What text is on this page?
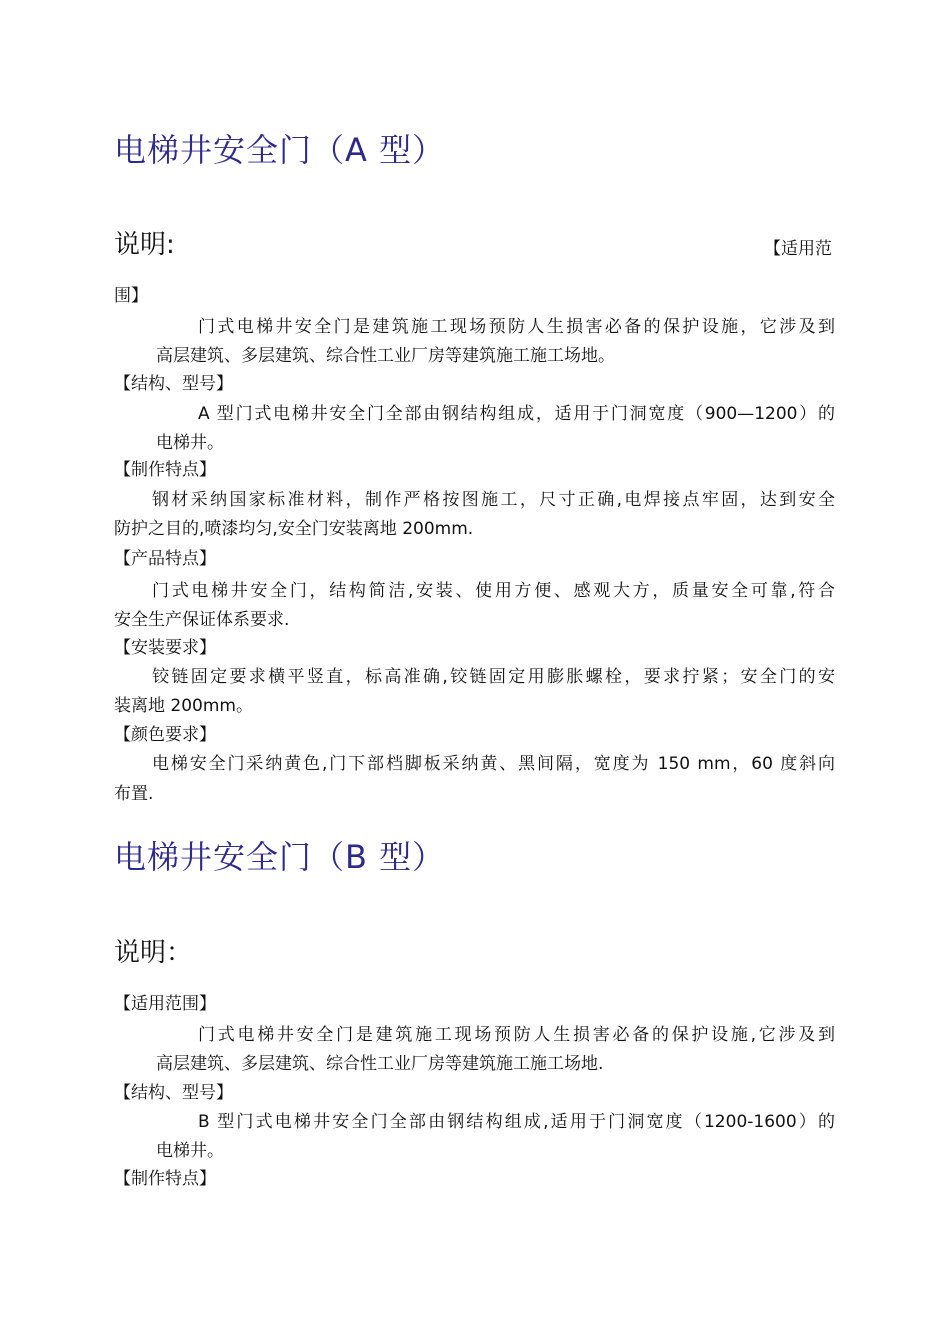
电梯井安全门（A 型）
说明:	【适用范
围】
门式电梯井安全门是建筑施工现场预防人生损害必备的保护设施，它涉及到
高层建筑、多层建筑、综合性工业厂房等建筑施工施工场地。
【结构、型号】
A 型门式电梯井安全门全部由钢结构组成，适用于门洞宽度（900—1200）的
电梯井。
【制作特点】
钢材采纳国家标准材料，制作严格按图施工，尺寸正确,电焊接点牢固，达到安全
防护之目的,喷漆均匀,安全门安装离地 200mm.
【产品特点】
门式电梯井安全门，结构简洁,安装、使用方便、感观大方，质量安全可靠,符合
安全生产保证体系要求.
【安装要求】
铰链固定要求横平竖直，标高准确,铰链固定用膨胀螺栓，要求拧紧；安全门的安
装离地 200mm。
【颜色要求】
电梯安全门采纳黄色,门下部档脚板采纳黄、黑间隔，宽度为 150 mm，60 度斜向
布置.
电梯井安全门（B 型）
说明：
【适用范围】
门式电梯井安全门是建筑施工现场预防人生损害必备的保护设施,它涉及到
高层建筑、多层建筑、综合性工业厂房等建筑施工施工场地.
【结构、型号】
B 型门式电梯井安全门全部由钢结构组成,适用于门洞宽度（1200-1600）的
电梯井。
【制作特点】
